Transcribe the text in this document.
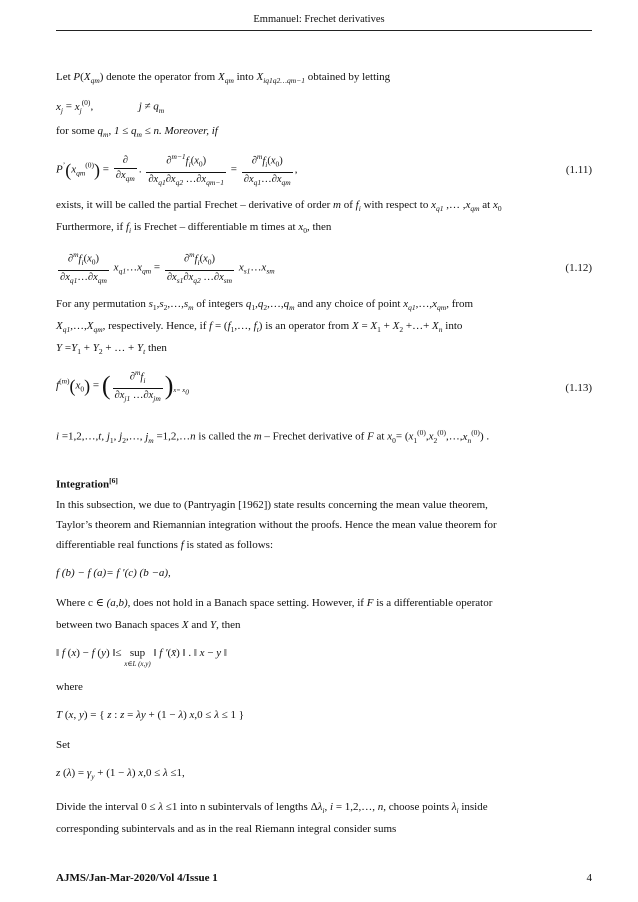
Emmanuel: Frechet derivatives
Let $P(X_{qm})$ denote the operator from $X_{qm}$ into $X_{iq1q2\dots qm-1}$ obtained by letting
$x_j = x_j^{(0)}$,	$j \ne q_m$
for some $q_m$, $1 \le q_m \le n$. Moreover, if
$P^’(x_{qm}^{(0)}) = \frac{\partial}{\partial x_{qm}}$ . $\frac{\partial^{m-1}f_i(x_0)}{\partial x_{q1}\partial x_{q2} \dots\partial x_{qm-1}} = \frac{\partial^mf_i(x_0)}{\partial x_{q1}\dots\partial x_{qm}}$ ,	(1.11)
exists, it will be called the partial Frechet – derivative of order m of $f_i$ with respect to $x_{q1}$ ,… $,x_{qm}$ at $x_0$
Furthermore, if $f_i$ is Frechet – differentiable m times at $x_0$, then
$\frac{\partial^mf_i(x_0)}{\partial x_{q1}\dots\partial x_{qm}}$ $x_{q1}\dots x_{qm} = \frac{\partial^mf_i(x_0)}{\partial x_{s1}\partial x_{q2} \dots\partial x_{sm}}$ $x_{s1}\dots x_{sm}$	(1.12)
For any permutation $s_1,s_2,\dots,s_m$ of integers $q_1,q_2,\dots,q_m$ and any choice of point $x_{q1},\dots,x_{qm}$, from
$X_{q1},\dots,X_{qm}$, respectively. Hence, if $f = (f_1,\dots$, $f_t$) is an operator from $X = X_1 + X_2$ +…+ $X_n$ into
$Y =Y_1 + Y_2$ + … + $Y_t$ then
$f^{(m)}(x_0)$ = ( $\frac{\partial^mf_i}{\partial x_{j1} \dots\partial x_{jm}} )_{x= x_0}$	(1.13)
i =1,2,…,t, $j_1$, $j_2,\dots$, $j_m$ =1,2,…n is called the m – Frechet derivative of F at $x_0=$ $(x_1^{(0)},x_2^{(0)},\dots,x_n^{(0)})$ .
Integration[6]
In this subsection, we due to (Pantryagin [1962]) state results concerning the mean value theorem,
Taylor’s theorem and Riemannian integration without the proofs. Hence the mean value theorem for
differentiable real functions f is stated as follows:
f (b) − f (a)= f ′(c) (b −a),
Where c ∈ (a,b), does not hold in a Banach space setting. However, if F is a differentiable operator
between two Banach spaces X and Y, then
‖ f (x) − f (y) ‖≤ sup
x∈L (x,y)
‖ f ′(x̄) ‖ . ‖ x − y ‖
where
T (x, y) = { z : z = λy + (1 − λ) x,0 ≤ λ ≤ 1 }
Set
z $(\lambda) = \gamma_y + (1 - \lambda) x,0 \le \lambda \le 1$,
Divide the interval 0 ≤ λ ≤1 into n subintervals of lengths $\Delta\lambda_i$, i = 1,2,…, n, choose points $\lambda_i$ inside
corresponding subintervals and as in the real Riemann integral consider sums
AJMS/Jan-Mar-2020/Vol 4/Issue 1	4
